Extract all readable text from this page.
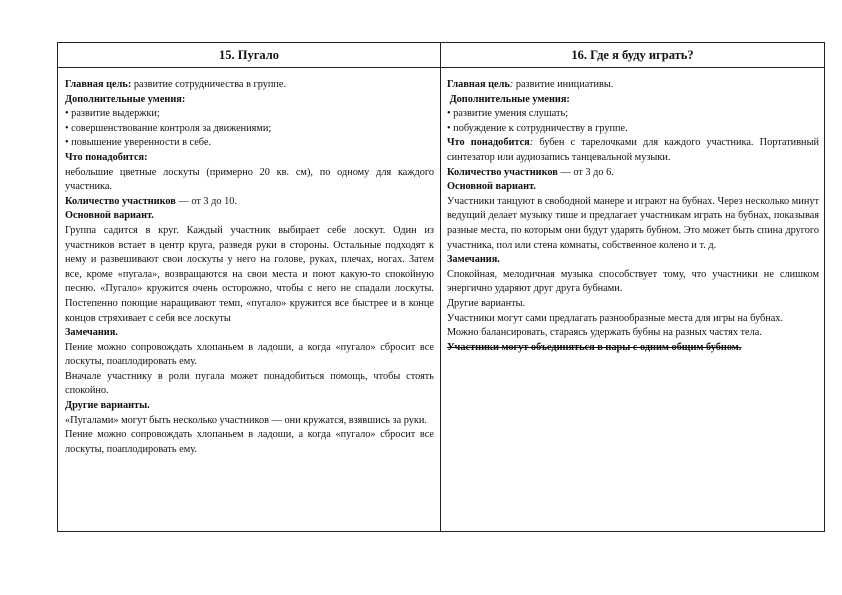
15. Пугало

Главная цель: развитие сотрудничества в группе.

Дополнительные умения:

• развитие выдержки;

• совершенствование контроля за движениями;

• повышение уверенности в себе.

Что понадобится:

небольшие цветные лоскуты (примерно 20 кв. см), по одному для каждого участника.

Количество участников — от 3 до 10.

Основной вариант.

Группа садится в круг. Каждый участник выбирает себе лоскут. Один из участников встает в центр круга, разведя руки в стороны. Остальные подходят к нему и развешивают свои лоскуты у него на голове, руках, плечах, ногах. Затем все, кроме «пугала», возвращаются на свои места и поют какую-то спокойную песню. «Пугало» кружится очень осторожно, чтобы с него не спадали лоскуты. Постепенно поющие наращивают темп, «пугало» кружится все быстрее и в конце концов стряхивает с себя все лоскуты

Замечания.

Пение можно сопровождать хлопаньем в ладоши, а когда «пугало» сбросит все лоскуты, поаплодировать ему.

Вначале участнику в роли пугала может понадобиться помощь, чтобы стоять спокойно.

Другие варианты.

«Пугалами» могут быть несколько участников — они кружатся, взявшись за руки.

Пение можно сопровождать хлопаньем в ладоши, а когда «пугало» сбросит все лоскуты, поаплодировать ему.

16. Где я буду играть?

Главная цель: развитие инициативы.

Дополнительные умения:

• развитие умения слушать;

• побуждение к сотрудничеству в группе.

Что понадобится: бубен с тарелочками для каждого участника. Портативный синтезатор или аудиозапись танцевальной музыки.

Количество участников — от 3 до 6.

Основной вариант.

Участники танцуют в свободной манере и играют на бубнах. Через несколько минут ведущий делает музыку тише и предлагает участникам играть на бубнах, показывая разные места, по которым они будут ударять бубном. Это может быть спина другого участника, пол или стена комнаты, собственное колено и т. д.

Замечания.

Спокойная, мелодичная музыка способствует тому, что участники не слишком энергично ударяют друг друга бубнами.

Другие варианты.

Участники могут сами предлагать разнообразные места для игры на бубнах.

Можно балансировать, стараясь удержать бубны на разных частях тела.

Участники могут объединяться в пары с одним общим бубном.
